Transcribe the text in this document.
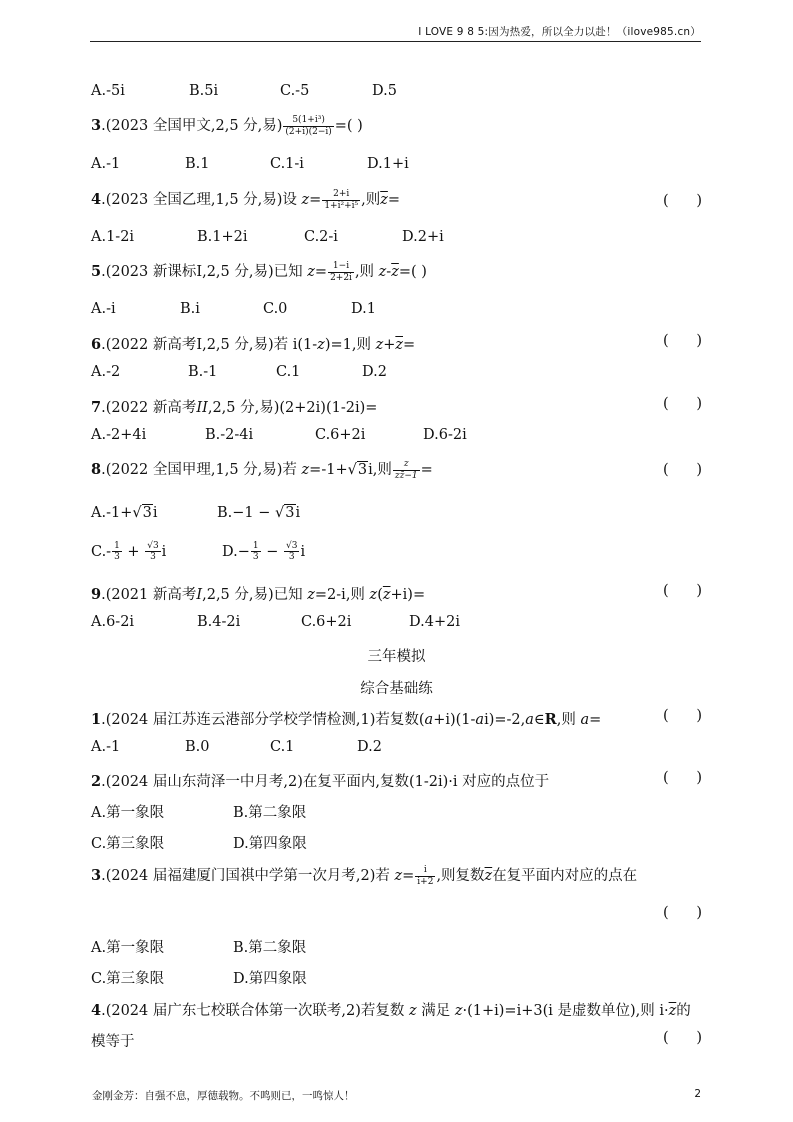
I LOVE 9 8 5:因为热爱，所以全力以赴！（ilove985.cn）
A.-5i	B.5i	C.-5	D.5
3.(2023 全国甲文,2,5 分,易) $\frac{\text{5(1+i³)}}{(2+i)(2-i)}$ =( )
A.-1	B.1	C.1-i	D.1+i
4.(2023 全国乙理,1,5 分,易)设 $z= \frac{2+i}{\text{1+i²+i⁵}}$ ,则$\overline{z}=$	(      )
A.1-2i	B.1+2i	C.2-i	D.2+i
5.(2023 新课标Ⅰ,2,5 分,易)已知 $z= \frac{1-i}{2+2i}$ ,则 $z-\overline{z}=$( )
A.-i	B.i	C.0	D.1
6.(2022 新高考Ⅰ,2,5 分,易)若 i(1-z)=1,则 $z+\overline{z}=$	(      )
A.-2	B.-1	C.1	D.2
7.(2022 新高考II,2,5 分,易)(2+2i)(1-2i)=	(      )
A.-2+4i	B.-2-4i	C.6+2i	D.6-2i
8.(2022 全国甲理,1,5 分,易)若 z=-1+√3i,则 $\frac{z}{zz̄-1}$ =	(      )
A.-1+√3i	B.−1 − √3i
$C.- \frac{1}{3} + \frac{√3}{3}$ i	$D.- \frac{1}{3} - \frac{√3}{3}$ i
9.(2021 新高考I,2,5 分,易)已知 z=2-i,则 $z(\overline{z}+i)=$	(      )
A.6-2i	B.4-2i	C.6+2i	D.4+2i
三年模拟
综合基础练
1.(2024 届江苏连云港部分学校学情检测,1)若复数(a+i)(1-ai)=-2,a∈R,则 a=	(      )
A.-1	B.0	C.1	D.2
2.(2024 届山东菏泽一中月考,2)在复平面内,复数(1-2i)·i 对应的点位于	(      )
A.第一象限	B.第二象限
C.第三象限	D.第四象限
3.(2024 届福建厦门国祺中学第一次月考,2)若 $z= \frac{i}{i+2}$ ,则复数$\overline{z}$在复平面内对应的点在
(      )
A.第一象限	B.第二象限
C.第三象限	D.第四象限
4.(2024 届广东七校联合体第一次联考,2)若复数 z 满足 z·(1+i)=i+3(i 是虚数单位),则 $i\cdot\overline{z}$的
模等于	(      )
金刚金芳：自强不息，厚德载物。不鸣则已，一鸣惊人！	2
